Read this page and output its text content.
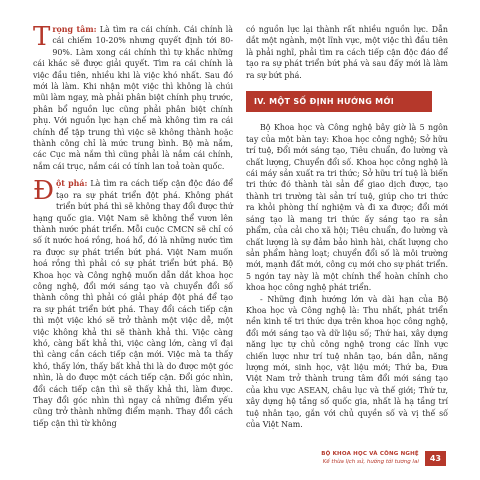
Trọng tâm: Là tìm ra cái chính. Cái chính là cái chiếm 10-20% nhưng quyết định tới 80-90%. Làm xong cái chính thì tự khắc những cái khác sẽ được giải quyết. Tìm ra cái chính là việc đầu tiên, nhiều khi là việc khó nhất. Sau đó mới là làm. Khi nhận một việc thì không là chúi mũi làm ngay, mà phải phân biệt chính phụ trước, phân bổ nguồn lực cũng phải phân biệt chính phụ. Với nguồn lực hạn chế mà không tìm ra cái chính để tập trung thì việc sẽ không thành hoặc thành công chỉ là mức trung bình. Bộ mà nắm, các Cục mà nắm thì cũng phải là nắm cái chính, nắm cái trục, nắm cái có tính lan toả toàn quốc.

Đột phá: Là tìm ra cách tiếp cận độc đáo để tạo ra sự phát triển đột phá. Không phát triển bứt phá thì sẽ không thay đổi được thứ hạng quốc gia. Việt Nam sẽ không thể vươn lên thành nước phát triển. Mỗi cuộc CMCN sẽ chỉ có số ít nước hoá rồng, hoá hổ, đó là những nước tìm ra được sự phát triển bứt phá. Việt Nam muốn hoá rồng thì phải có sự phát triển bứt phá. Bộ Khoa học và Công nghệ muốn dẫn dắt khoa học công nghệ, đổi mới sáng tạo và chuyển đổi số thành công thì phải có giải pháp đột phá để tạo ra sự phát triển bứt phá. Thay đổi cách tiếp cận thì một việc khó sẽ trở thành một việc dễ, một việc không khả thi sẽ thành khả thi. Việc càng khó, càng bất khả thi, việc càng lớn, càng vĩ đại thì càng cần cách tiếp cận mới. Việc mà ta thấy khó, thấy lớn, thấy bất khả thi là do được một góc nhìn, là do được một cách tiếp cận. Đổi góc nhìn, đổi cách tiếp cận thì sẽ thấy khả thi, làm được. Thay đổi góc nhìn thì ngay cả những điểm yếu cũng trở thành những điểm mạnh. Thay đổi cách tiếp cận thì từ không

có nguồn lực lại thành rất nhiều nguồn lực. Dẫn dắt một ngành, một lĩnh vực, một việc thì đầu tiên là phải nghĩ, phải tìm ra cách tiếp cận độc đáo để tạo ra sự phát triển bứt phá và sau đấy mới là làm ra sự bứt phá.

IV. MỘT SỐ ĐỊNH HƯỚNG MỚI

Bộ Khoa học và Công nghệ bây giờ là 5 ngôn tay của một bàn tay: Khoa học công nghệ; Sở hữu trí tuệ, Đổi mới sáng tạo, Tiêu chuẩn, đo lường và chất lượng, Chuyển đổi số. Khoa học công nghệ là cái máy sản xuất ra tri thức; Sở hữu trí tuệ là biến tri thức đó thành tài sản để giao dịch được, tạo thành tri trường tài sản trí tuệ, giúp cho tri thức ra khỏi phòng thí nghiệm và đi xa được; đổi mới sáng tạo là mang tri thức ấy sáng tạo ra sản phẩm, của cải cho xã hội; Tiêu chuẩn, đo lường và chất lượng là sự đảm bảo hình hài, chất lượng cho sản phẩm hàng loạt; chuyển đổi số là môi trường mới, mạnh đất mới, công cụ mới cho sự phát triển. 5 ngón tay này là một chính thể hoàn chỉnh cho khoa học công nghệ phát triển.

- Những định hướng lớn và dài hạn của Bộ Khoa học và Công nghệ là: Thu nhất, phát triển nền kinh tế tri thức dựa trên khoa học công nghệ, đổi mới sáng tạo và dữ liệu số; Thứ hai, xây dựng năng lực tự chủ công nghệ trong các lĩnh vực chiến lược như trí tuệ nhân tạo, bán dẫn, năng lượng mới, sinh học, vật liệu mới; Thứ ba, Đưa Việt Nam trở thành trung tâm đổi mới sáng tạo của khu vực ASEAN, châu lục và thế giới; Thứ tư, xây dựng hệ tầng số quốc gia, nhất là hạ tầng trí tuệ nhân tạo, gắn với chủ quyền số và vị thế số của Việt Nam.

BỘ KHOA HỌC VÀ CÔNG NGHỆ
Kế thừa lịch sử, hướng tới tương lai	43
